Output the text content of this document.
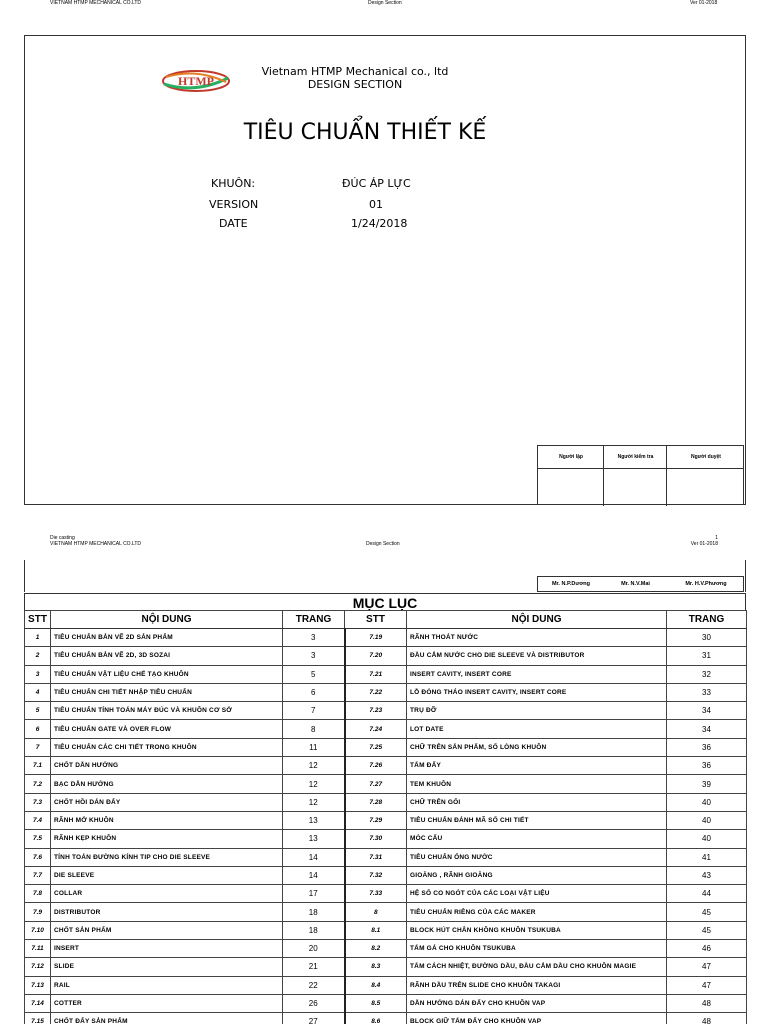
VIETNAM HTMP MECHANICAL CO.LTD	Design Section	Ver 01-2018
HTMP
Vietnam HTMP Mechanical co., ltd
DESIGN SECTION
TIÊU CHUẨN THIẾT KẾ
KHUÔN:	ĐÚC ÁP LỰC
VERSION	01
DATE	1/24/2018
Người lập	Người kiểm tra	Người duyệt
Die casting
VIETNAM HTMP MECHANICAL CO.LTD	Design Section
1
Ver 01-2018
Mr. N.P.Dương	Mr. N.V.Mai	Mr. H.V.Phương
MỤC LỤC
STT	NỘI DUNG	TRANG	STT	NỘI DUNG	TRANG
1	TIÊU CHUẨN BẢN VẼ 2D SẢN PHẨM	3	7.19	RÃNH THOÁT NƯỚC	30
2	TIÊU CHUẨN BẢN VẼ 2D, 3D SOZAI	3	7.20	ĐẦU CẮM NƯỚC CHO DIE SLEEVE VÀ DISTRIBUTOR	31
3	TIÊU CHUẨN VẬT LIỆU CHẾ TẠO KHUÔN	5	7.21	INSERT CAVITY, INSERT CORE	32
4	TIÊU CHUẨN CHI TIẾT NHẬP TIÊU CHUẨN	6	7.22	LỖ ĐÓNG THÁO INSERT CAVITY, INSERT CORE	33
5	TIÊU CHUẨN TÍNH TOÁN MÁY ĐÚC VÀ KHUÔN CƠ SỞ	7	7.23	TRỤ ĐỠ	34
6	TIÊU CHUẨN GATE VÀ OVER FLOW	8	7.24	LOT DATE	34
7	TIÊU CHUẨN CÁC CHI TIẾT TRONG KHUÔN	11	7.25	CHỮ TRÊN SẢN PHẨM, SỐ LÒNG KHUÔN	36
7.1	CHỐT DẪN HƯỚNG	12	7.26	TẤM ĐẨY	36
7.2	BẠC DẪN HƯỚNG	12	7.27	TEM KHUÔN	39
7.3	CHỐT HỒI DÁN ĐẨY	12	7.28	CHỮ TRÊN GỐI	40
7.4	RÃNH MỞ KHUÔN	13	7.29	TIÊU CHUẨN ĐÁNH MÃ SỐ CHI TIẾT	40
7.5	RÃNH KẸP KHUÔN	13	7.30	MÓC CẨU	40
7.6	TÍNH TOÁN ĐƯỜNG KÍNH TIP CHO DIE SLEEVE	14	7.31	TIÊU CHUẨN ỐNG NƯỚC	41
7.7	DIE SLEEVE	14	7.32	GIOĂNG , RÃNH GIOĂNG	43
7.8	COLLAR	17	7.33	HỆ SỐ CO NGÓT CỦA CÁC LOẠI VẬT LIỆU	44
7.9	DISTRIBUTOR	18	8	TIÊU CHUẨN RIÊNG CỦA CÁC MAKER	45
7.10	CHỐT SẢN PHẨM	18	8.1	BLOCK HÚT CHÂN KHÔNG KHUÔN TSUKUBA	45
7.11	INSERT	20	8.2	TẤM GÁ CHO KHUÔN TSUKUBA	46
7.12	SLIDE	21	8.3	TẤM CÁCH NHIỆT, ĐƯỜNG DẦU, ĐẦU CẮM DẦU CHO KHUÔN MAGIE	47
7.13	RAIL	22	8.4	RÃNH DẦU TRÊN SLIDE CHO KHUÔN TAKAGI	47
7.14	COTTER	26	8.5	DẪN HƯỚNG DÁN ĐẨY CHO KHUÔN VAP	48
7.15	CHỐT ĐẨY SẢN PHẨM	27	8.6	BLOCK GIỮ TẤM ĐẨY CHO KHUÔN VAP	48
